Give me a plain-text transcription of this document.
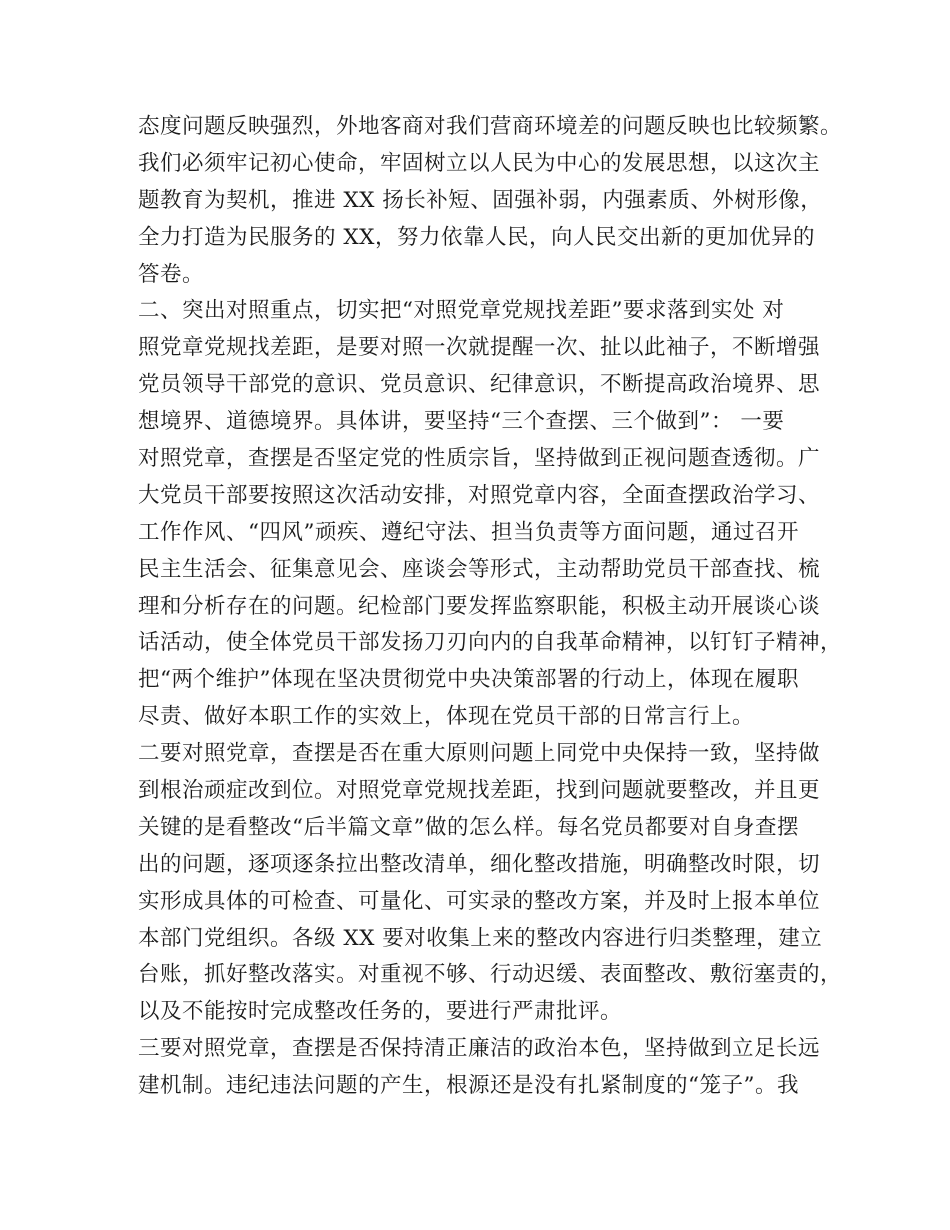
态度问题反映强烈，外地客商对我们营商环境差的问题反映也比较频繁。
我们必须牢记初心使命，牢固树立以人民为中心的发展思想，以这次主
题教育为契机，推进 XX 扬长补短、固强补弱，内强素质、外树形像，
全力打造为民服务的 XX，努力依靠人民，向人民交出新的更加优异的
答卷。
二、突出对照重点，切实把“对照党章党规找差距”要求落到实处 对
照党章党规找差距，是要对照一次就提醒一次、扯以此袖子，不断增强
党员领导干部党的意识、党员意识、纪律意识，不断提高政治境界、思
想境界、道德境界。具体讲，要坚持“三个查摆、三个做到”： 一要
对照党章，查摆是否坚定党的性质宗旨，坚持做到正视问题查透彻。广
大党员干部要按照这次活动安排，对照党章内容，全面查摆政治学习、
工作作风、“四风”顽疾、遵纪守法、担当负责等方面问题，通过召开
民主生活会、征集意见会、座谈会等形式，主动帮助党员干部查找、梳
理和分析存在的问题。纪检部门要发挥监察职能，积极主动开展谈心谈
话活动，使全体党员干部发扬刀刃向内的自我革命精神，以钉钉子精神，
把“两个维护”体现在坚决贯彻党中央决策部署的行动上，体现在履职
尽责、做好本职工作的实效上，体现在党员干部的日常言行上。
二要对照党章，查摆是否在重大原则问题上同党中央保持一致，坚持做
到根治顽症改到位。对照党章党规找差距，找到问题就要整改，并且更
关键的是看整改“后半篇文章”做的怎么样。每名党员都要对自身查摆
出的问题，逐项逐条拉出整改清单，细化整改措施，明确整改时限，切
实形成具体的可检查、可量化、可实录的整改方案，并及时上报本单位
本部门党组织。各级 XX 要对收集上来的整改内容进行归类整理，建立
台账，抓好整改落实。对重视不够、行动迟缓、表面整改、敷衍塞责的，
以及不能按时完成整改任务的，要进行严肃批评。
三要对照党章，查摆是否保持清正廉洁的政治本色，坚持做到立足长远
建机制。违纪违法问题的产生，根源还是没有扎紧制度的“笼子”。我
